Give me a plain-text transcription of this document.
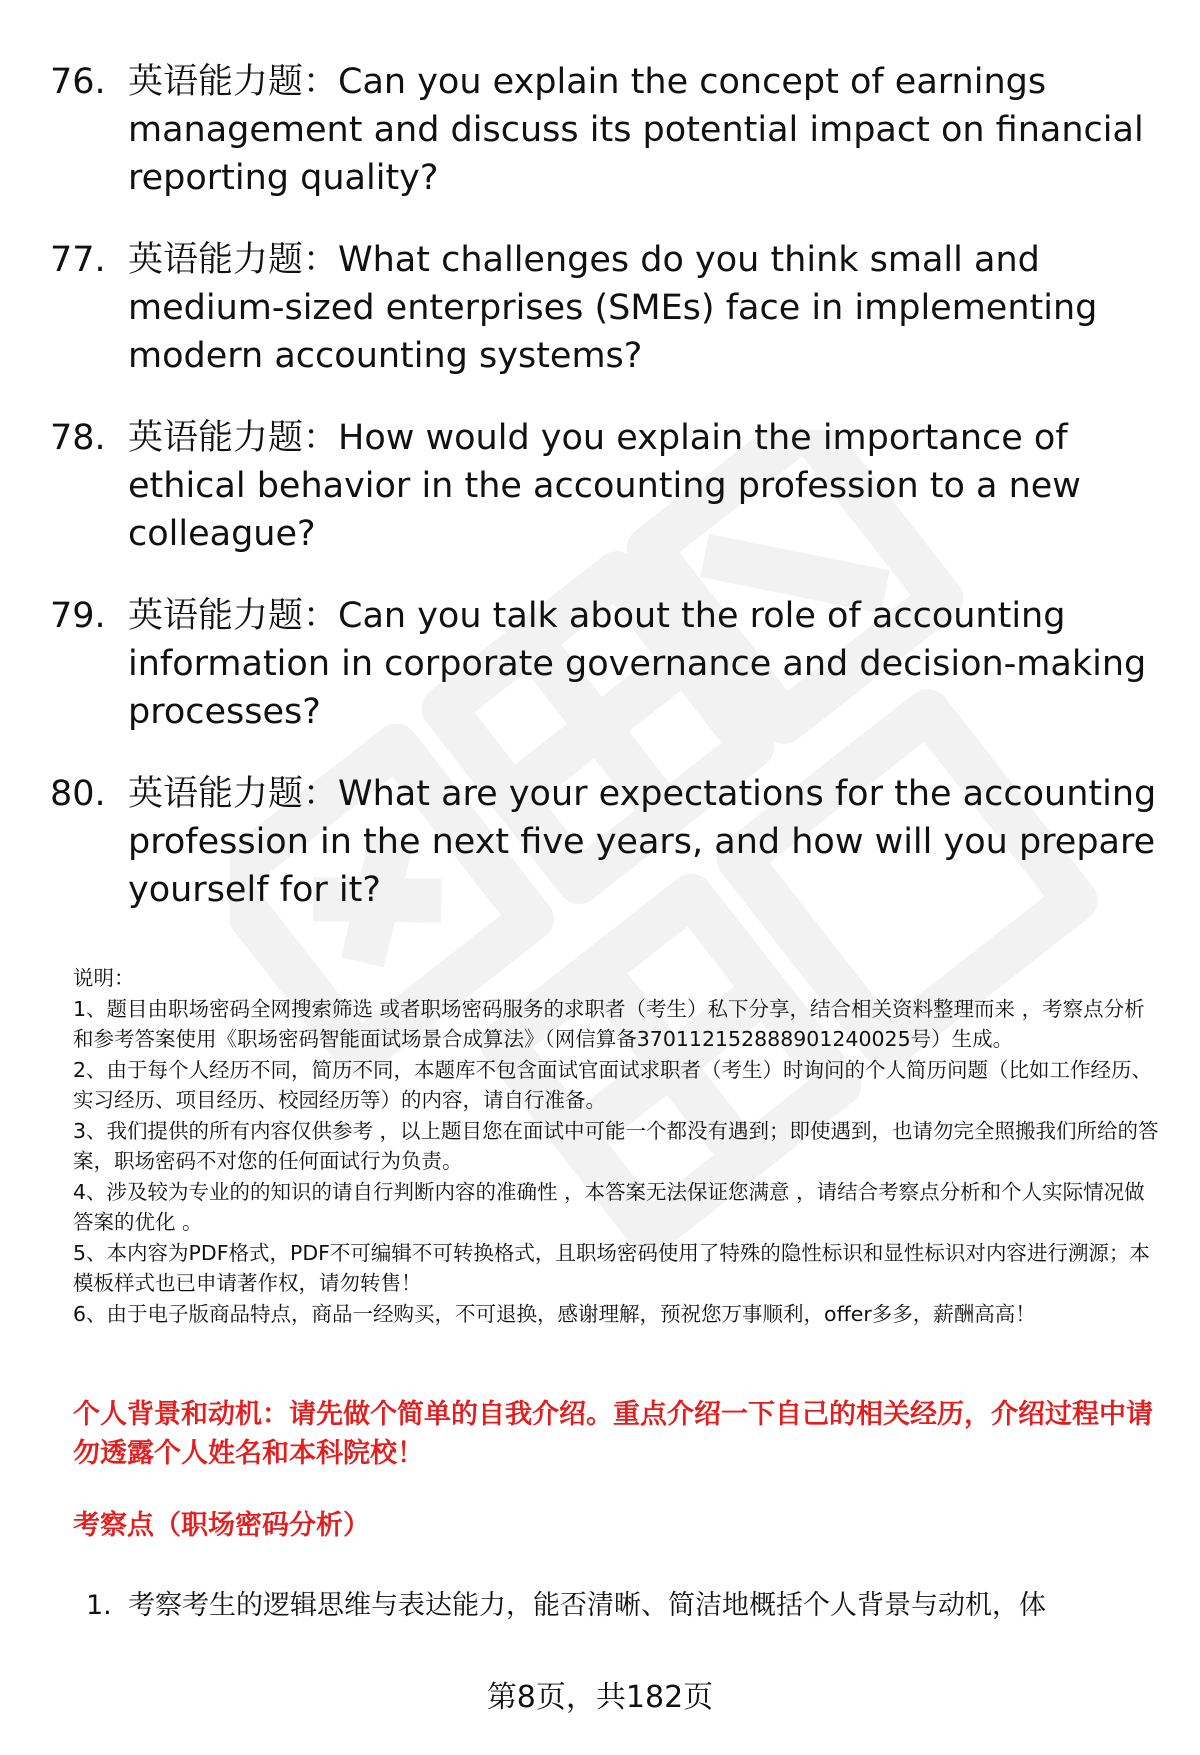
76. 英语能力题：Can you explain the concept of earnings management and discuss its potential impact on financial reporting quality?
77. 英语能力题：What challenges do you think small and medium-sized enterprises (SMEs) face in implementing modern accounting systems?
78. 英语能力题：How would you explain the importance of ethical behavior in the accounting profession to a new colleague?
79. 英语能力题：Can you talk about the role of accounting information in corporate governance and decision-making processes?
80. 英语能力题：What are your expectations for the accounting profession in the next five years, and how will you prepare yourself for it?

说明：

1、题目由职场密码全网搜索筛选 或者职场密码服务的求职者（考生）私下分享，结合相关资料整理而来 ，考察点分析和参考答案使用《职场密码智能面试场景合成算法》（网信算备370112152888901240025号）生成。

2、由于每个人经历不同，简历不同，本题库不包含面试官面试求职者（考生）时询问的个人简历问题（比如工作经历、实习经历、项目经历、校园经历等）的内容，请自行准备。

3、我们提供的所有内容仅供参考 ，以上题目您在面试中可能一个都没有遇到；即使遇到，也请勿完全照搬我们所给的答案，职场密码不对您的任何面试行为负责。

4、涉及较为专业的的知识的请自行判断内容的准确性 ，本答案无法保证您满意 ，请结合考察点分析和个人实际情况做答案的优化 。

5、本内容为PDF格式，PDF不可编辑不可转换格式，且职场密码使用了特殊的隐性标识和显性标识对内容进行溯源；本模板样式也已申请著作权，请勿转售！

6、由于电子版商品特点，商品一经购买，不可退换，感谢理解，预祝您万事顺利，offer多多，薪酬高高！

个人背景和动机：请先做个简单的自我介绍。重点介绍一下自己的相关经历，介绍过程中请勿透露个人姓名和本科院校！

考察点（职场密码分析）

1. 考察考生的逻辑思维与表达能力，能否清晰、简洁地概括个人背景与动机，体
第8页，共182页
